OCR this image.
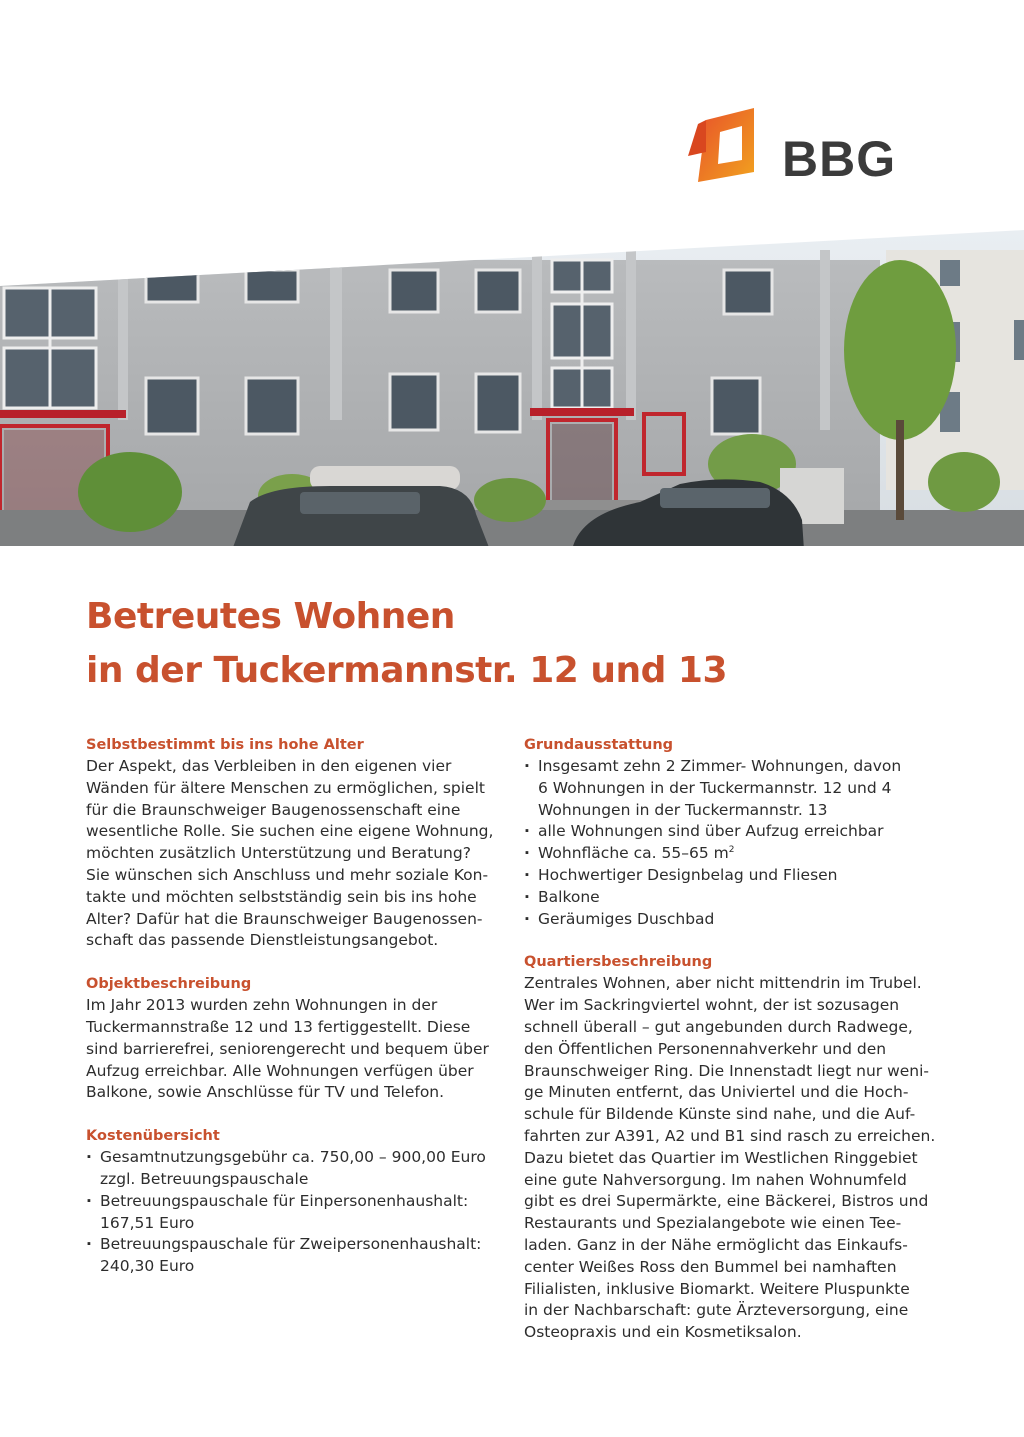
BBG
Betreutes Wohnen
in der Tuckermannstr. 12 und 13
Selbstbestimmt bis ins hohe Alter

Der Aspekt, das Verbleiben in den eigenen vier
Wänden für ältere Menschen zu ermöglichen, spielt
für die Braunschweiger Baugenossenschaft eine
wesentliche Rolle. Sie suchen eine eigene Wohnung,
möchten zusätzlich Unterstützung und Beratung?
Sie wünschen sich Anschluss und mehr soziale Kon-
takte und möchten selbstständig sein bis ins hohe
Alter? Dafür hat die Braunschweiger Baugenossen-
schaft das passende Dienstleistungsangebot.

Objektbeschreibung

Im Jahr 2013 wurden zehn Wohnungen in der
Tuckermannstraße 12 und 13 fertiggestellt. Diese
sind barrierefrei, seniorengerecht und bequem über
Aufzug erreichbar. Alle Wohnungen verfügen über
Balkone, sowie Anschlüsse für TV und Telefon.

Kostenübersicht
· Gesamtnutzungsgebühr ca. 750,00 – 900,00 Euro
zzgl. Betreuungspauschale
· Betreuungspauschale für Einpersonenhaushalt:
167,51 Euro
· Betreuungspauschale für Zweipersonenhaushalt:
240,30 Euro
Grundausstattung
· Insgesamt zehn 2 Zimmer- Wohnungen, davon
6 Wohnungen in der Tuckermannstr. 12 und 4
Wohnungen in der Tuckermannstr. 13
· alle Wohnungen sind über Aufzug erreichbar
· Wohnfläche ca. 55–65 $m^2$
· Hochwertiger Designbelag und Fliesen
· Balkone
· Geräumiges Duschbad
Quartiersbeschreibung

Zentrales Wohnen, aber nicht mittendrin im Trubel.
Wer im Sackringviertel wohnt, der ist sozusagen
schnell überall – gut angebunden durch Radwege,
den Öffentlichen Personennahverkehr und den
Braunschweiger Ring. Die Innenstadt liegt nur weni-
ge Minuten entfernt, das Univiertel und die Hoch-
schule für Bildende Künste sind nahe, und die Auf-
fahrten zur A391, A2 und B1 sind rasch zu erreichen.
Dazu bietet das Quartier im Westlichen Ringgebiet
eine gute Nahversorgung. Im nahen Wohnumfeld
gibt es drei Supermärkte, eine Bäckerei, Bistros und
Restaurants und Spezialangebote wie einen Tee-
laden. Ganz in der Nähe ermöglicht das Einkaufs-
center Weißes Ross den Bummel bei namhaften
Filialisten, inklusive Biomarkt. Weitere Pluspunkte
in der Nachbarschaft: gute Ärzteversorgung, eine
Osteopraxis und ein Kosmetiksalon.
